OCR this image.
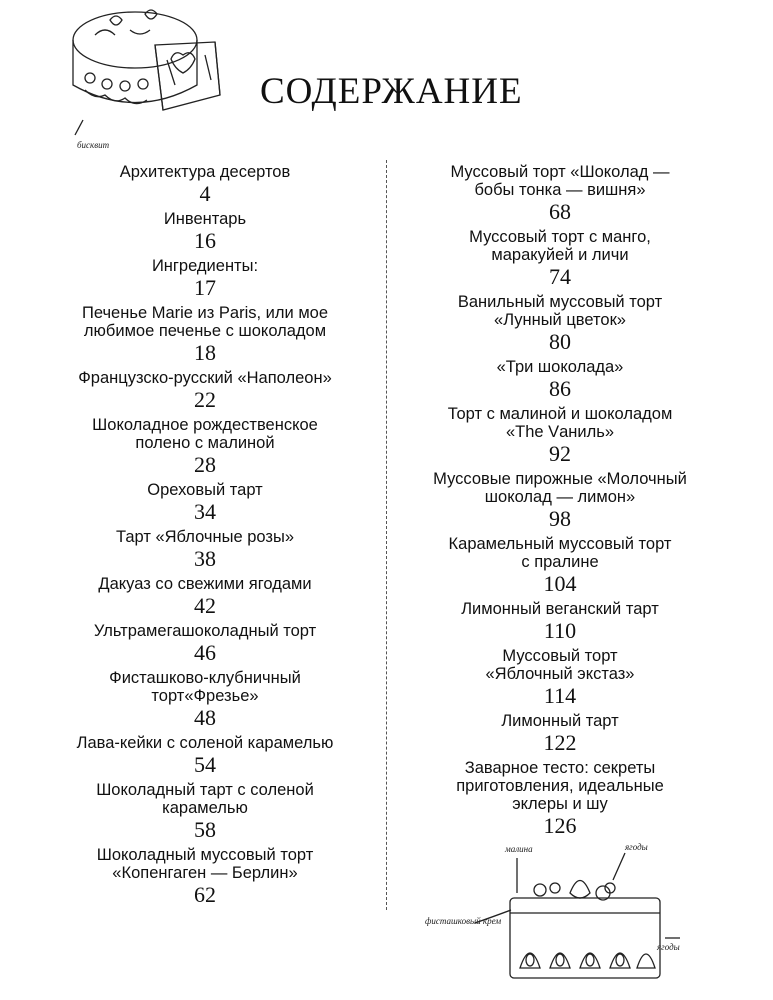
бисквит
СОДЕРЖАНИЕ
Архитектура десертов
4
Инвентарь
16
Ингредиенты:
17
Печенье Marie из Paris, или мое
любимое печенье с шоколадом
18
Французско-русский «Наполеон»
22
Шоколадное рождественское
полено с малиной
28
Ореховый тарт
34
Тарт «Яблочные розы»
38
Дакуаз со свежими ягодами
42
Ультрамегашоколадный торт
46
Фисташково-клубничный
торт«Фрезье»
48
Лава-кейки с соленой карамелью
54
Шоколадный тарт с соленой
карамелью
58
Шоколадный муссовый торт
«Копенгаген — Берлин»
62
Муссовый торт «Шоколад —
бобы тонка — вишня»
68
Муссовый торт с манго,
маракуйей и личи
74
Ванильный муссовый торт
«Лунный цветок»
80
«Три шоколада»
86
Торт с малиной и шоколадом
«The Vаниль»
92
Муссовые пирожные «Молочный
шоколад — лимон»
98
Карамельный муссовый торт
с пралине
104
Лимонный веганский тарт
110
Муссовый торт
«Яблочный экстаз»
114
Лимонный тарт
122
Заварное тесто: секреты
приготовления, идеальные
эклеры и шу
126
малина	ягоды
фисташковый крем
ягоды
